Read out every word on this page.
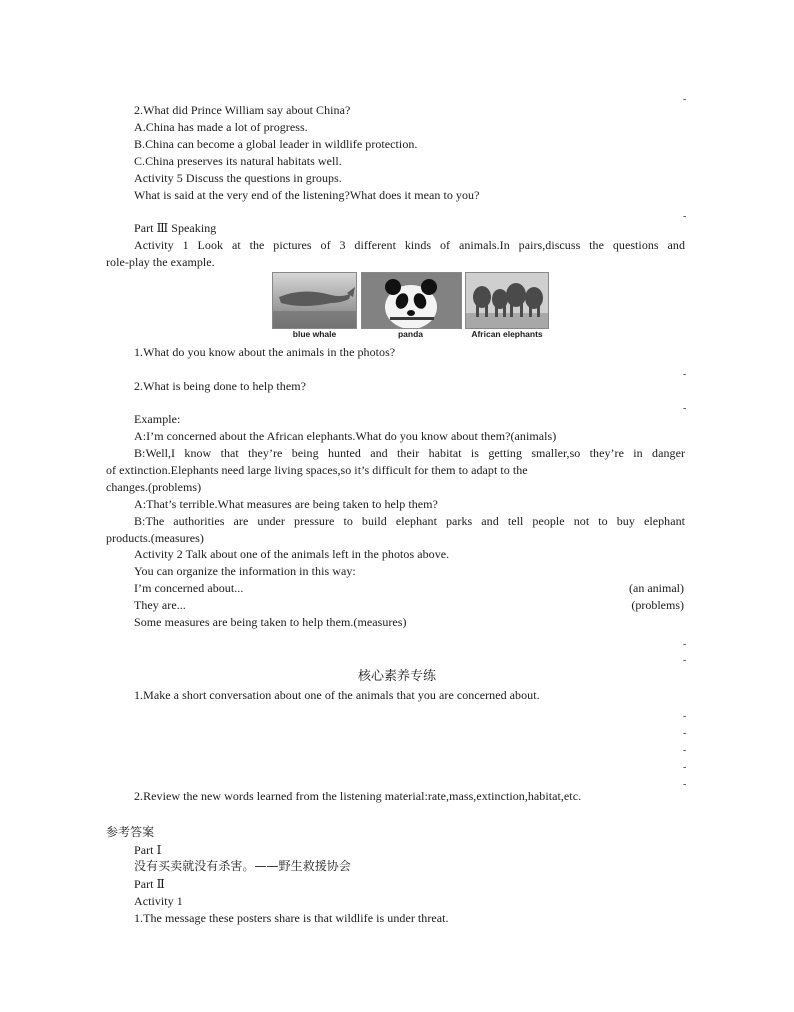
-
-
-
-
-
-
-
-
-
-
-
2.What did Prince William say about China?
A.China has made a lot of progress.
B.China can become a global leader in wildlife protection.
C.China preserves its natural habitats well.
Activity 5 Discuss the questions in groups.
What is said at the very end of the listening?What does it mean to you?
Part Ⅲ Speaking
Activity 1 Look at the pictures of 3 different kinds of animals.In pairs,discuss the questions and
role-play the example.
blue whale	panda	African elephants
1.What do you know about the animals in the photos?
2.What is being done to help them?
Example:
A:I’m concerned about the African elephants.What do you know about them?(animals)
B:Well,I know that they’re being hunted and their habitat is getting smaller,so they’re in danger
of extinction.Elephants need large living spaces,so it’s difficult for them to adapt to the
changes.(problems)
A:That’s terrible.What measures are being taken to help them?
B:The authorities are under pressure to build elephant parks and tell people not to buy elephant
products.(measures)
Activity 2 Talk about one of the animals left in the photos above.
You can organize the information in this way:
I’m concerned about...	(an animal)
They are...	(problems)
Some measures are being taken to help them.(measures)
核心素养专练
1.Make a short conversation about one of the animals that you are concerned about.
2.Review the new words learned from the listening material:rate,mass,extinction,habitat,etc.
参考答案
Part Ⅰ
没有买卖就没有杀害。——野生救援协会
Part Ⅱ
Activity 1
1.The message these posters share is that wildlife is under threat.
